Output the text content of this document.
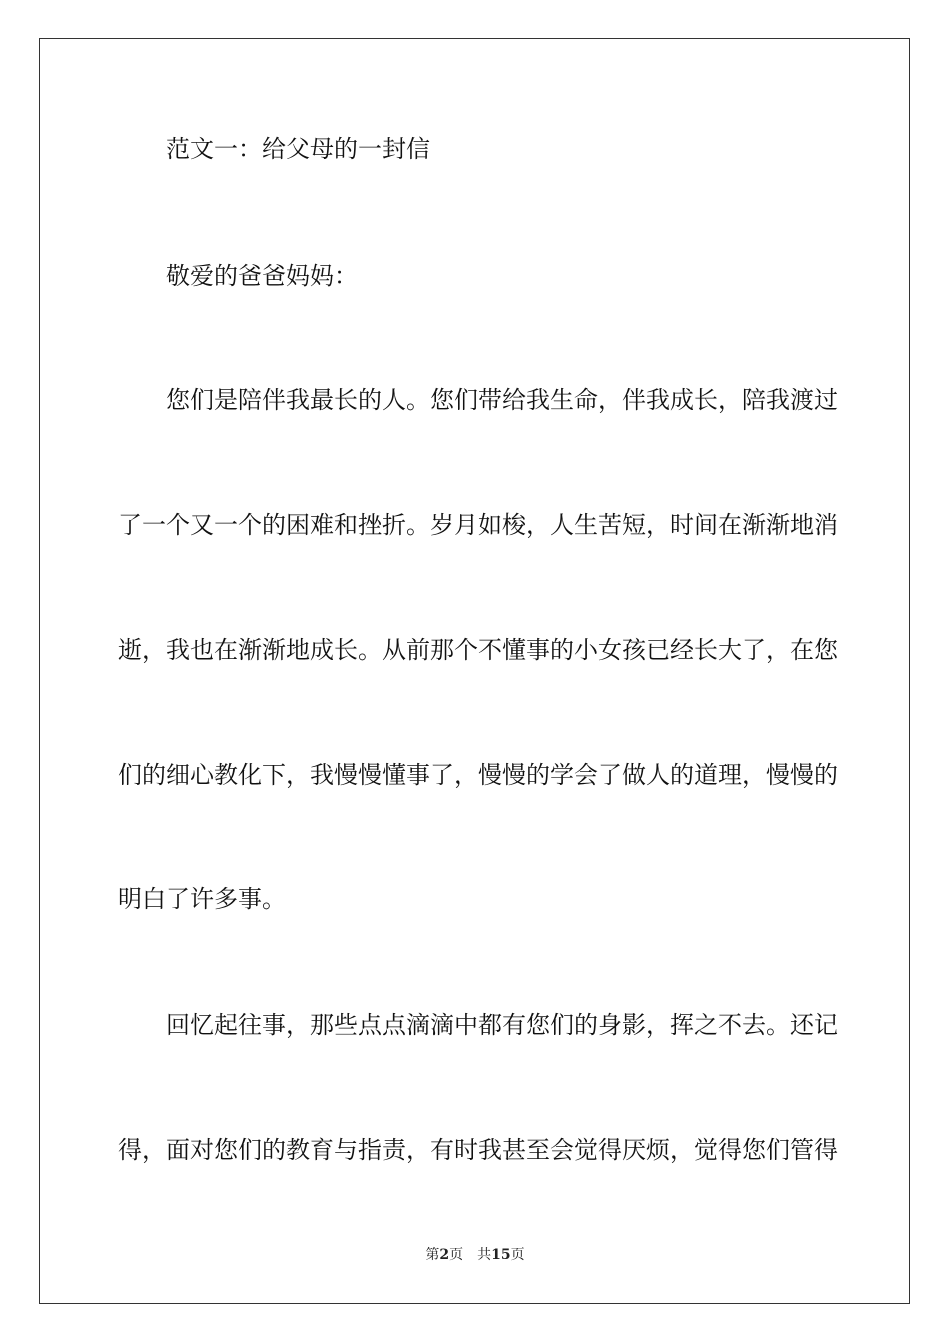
范文一：给父母的一封信
敬爱的爸爸妈妈：
您们是陪伴我最长的人。您们带给我生命，伴我成长，陪我渡过
了一个又一个的困难和挫折。岁月如梭，人生苦短，时间在渐渐地消
逝，我也在渐渐地成长。从前那个不懂事的小女孩已经长大了，在您
们的细心教化下，我慢慢懂事了，慢慢的学会了做人的道理，慢慢的
明白了许多事。
回忆起往事，那些点点滴滴中都有您们的身影，挥之不去。还记
得，面对您们的教育与指责，有时我甚至会觉得厌烦，觉得您们管得
第2页 共15页
